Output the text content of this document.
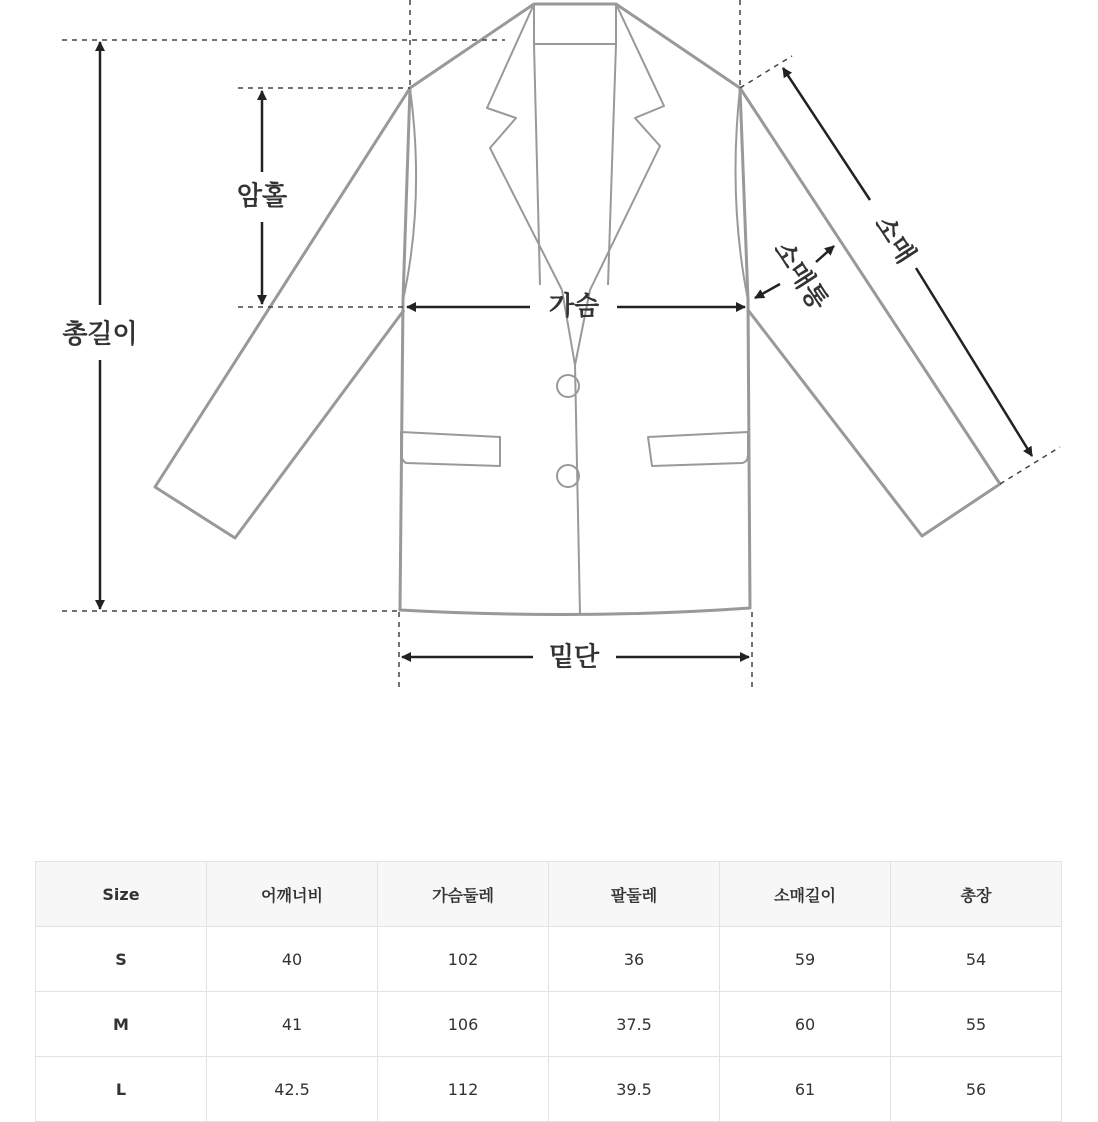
총길이
암홀
가슴
밑단
소매
소매통
Size	어깨너비	가슴둘레	팔둘레	소매길이	총장
S	40	102	36	59	54
M	41	106	37.5	60	55
L	42.5	112	39.5	61	56
